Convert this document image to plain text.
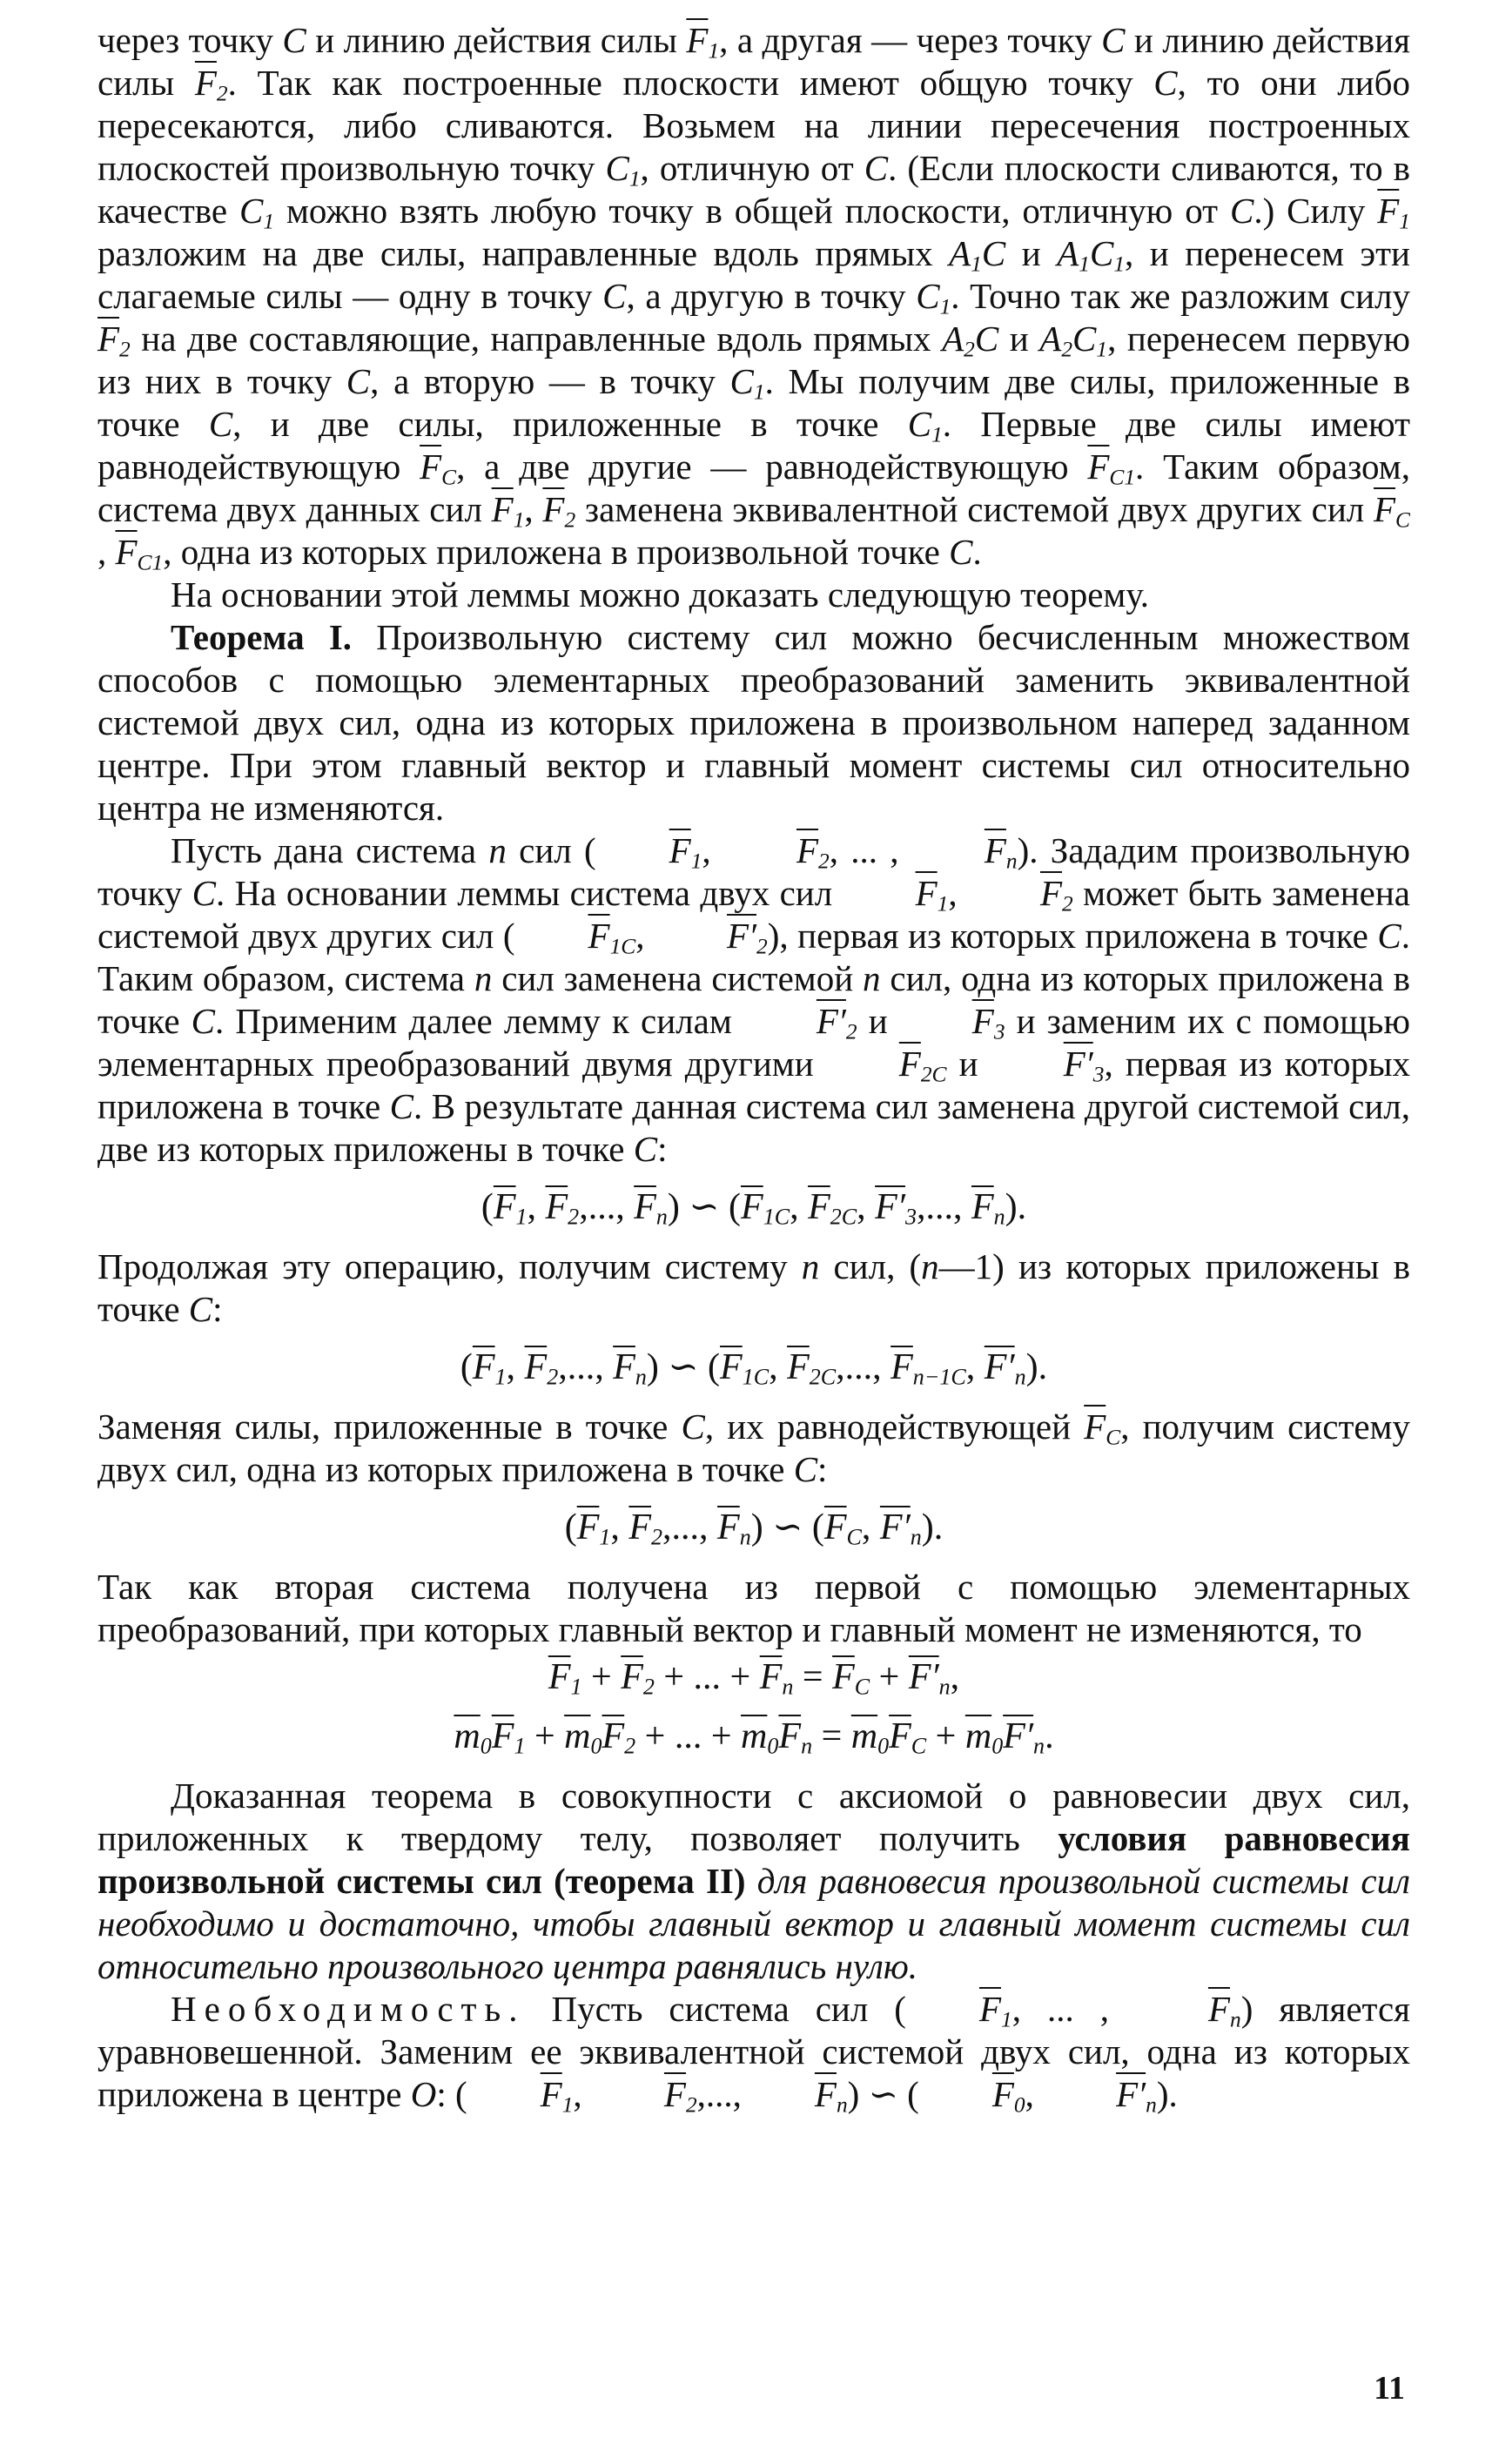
через точку C и линию действия силы $\overline{F}_1$, а другая — через точку C и линию действия силы $\overline{F}_2$. Так как построенные плоскости имеют общую точку C, то они либо пересекаются, либо сливаются. Возьмем на линии пересечения построенных плоскостей произвольную точку $C_1$, отличную от C. (Если плоскости сливаются, то в качестве $C_1$ можно взять любую точку в общей плоскости, отличную от C.) Силу $\overline{F}_1$ разложим на две силы, направленные вдоль прямых $A_1C$ и $A_1C_1$, и перенесем эти слагаемые силы — одну в точку C, а другую в точку $C_1$. Точно так же разложим силу $\overline{F}_2$ на две составляющие, направленные вдоль прямых $A_2C$ и $A_2C_1$, перенесем первую из них в точку C, а вторую — в точку $C_1$. Мы получим две силы, приложенные в точке C, и две силы, приложенные в точке $C_1$. Первые две силы имеют равнодействующую $\overline{F}_C$, а две другие — равнодействующую $\overline{F}_{C1}$. Таким образом, система двух данных сил $\overline{F}_1$, $\overline{F}_2$ заменена эквивалентной системой двух других сил $\overline{F}_C$, $\overline{F}_{C1}$, одна из которых приложена в произвольной точке C.

На основании этой леммы можно доказать следующую теорему.

Теорема I. Произвольную систему сил можно бесчисленным множеством способов с помощью элементарных преобразований заменить эквивалентной системой двух сил, одна из которых приложена в произвольном наперед заданном центре. При этом главный вектор и главный момент системы сил относительно центра не изменяются.

Пусть дана система n сил ( $\overline{F}_1$, $\overline{F}_2$, ... , $\overline{F}_n$). Зададим произвольную точку C. На основании леммы система двух сил $\overline{F}_1$, $\overline{F}_2$ может быть заменена системой двух других сил ( $\overline{F}_{1C}$, $F'_2$), первая из которых приложена в точке C. Таким образом, система n сил заменена системой n сил, одна из которых приложена в точке C. Применим далее лемму к силам $F'_2$ и $\overline{F}_3$ и заменим их с помощью элементарных преобразований двумя другими $\overline{F}_{2C}$ и $F'_3$, первая из которых приложена в точке C. В результате данная система сил заменена другой системой сил, две из которых приложены в точке C:

($\overline{F}_1$, $\overline{F}_2$,..., $\overline{F}_n$) ∽ ($\overline{F}_{1C}$, $\overline{F}_{2C}$, $F'_3$,..., $\overline{F}_n$).

Продолжая эту операцию, получим систему n сил, (n—1) из которых приложены в точке C:

($\overline{F}_1$, $\overline{F}_2$,..., $\overline{F}_n$) ∽ ($\overline{F}_{1C}$, $\overline{F}_{2C}$,..., $\overline{F}_{n-1C}$, $F'_n$).

Заменяя силы, приложенные в точке C, их равнодействующей $\overline{F}_C$, получим систему двух сил, одна из которых приложена в точке C:

($\overline{F}_1$, $\overline{F}_2$,..., $\overline{F}_n$) ∽ ($\overline{F}_C$, $F'_n$).

Так как вторая система получена из первой с помощью элементарных преобразований, при которых главный вектор и главный момент не изменяются, то

$\overline{F}_1 + \overline{F}_2$ + ... + $\overline{F}_n = \overline{F}_C + F'_n$,

$\overline{m}_0\overline{F}_1 + \overline{m}_0\overline{F}_2$ + ... + $\overline{m}_0\overline{F}_n = \overline{m}_0\overline{F}_C + \overline{m}_0F'_n$.

Доказанная теорема в совокупности с аксиомой о равновесии двух сил, приложенных к твердому телу, позволяет получить условия равновесия произвольной системы сил (теорема II) для равновесия произвольной системы сил необходимо и достаточно, чтобы главный вектор и главный момент системы сил относительно произвольного центра равнялись нулю.

Необходимость. Пусть система сил ( $\overline{F}_1$, ... , $\overline{F}_n$) является уравновешенной. Заменим ее эквивалентной системой двух сил, одна из которых приложена в центре O: ( $\overline{F}_1$, $\overline{F}_2$,..., $\overline{F}_n$) ∽ ( $\overline{F}_0$, $F'_n$).

11
